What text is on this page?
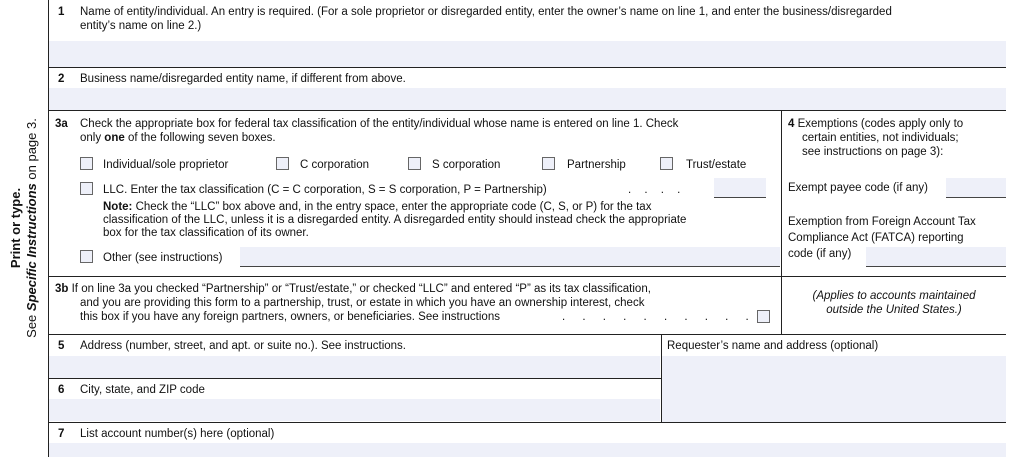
Print or type.
See Specific Instructions on page 3.
1 Name of entity/individual. An entry is required. (For a sole proprietor or disregarded entity, enter the owner’s name on line 1, and enter the business/disregarded
entity’s name on line 2.)
2 Business name/disregarded entity name, if different from above.
3a Check the appropriate box for federal tax classification of the entity/individual whose name is entered on line 1. Check
only one of the following seven boxes.
Individual/sole proprietor	C corporation	S corporation	Partnership	Trust/estate
LLC. Enter the tax classification (C = C corporation, S = S corporation, P = Partnership)	. . . .
Note: Check the “LLC” box above and, in the entry space, enter the appropriate code (C, S, or P) for the tax
classification of the LLC, unless it is a disregarded entity. A disregarded entity should instead check the appropriate
box for the tax classification of its owner.
Other (see instructions)
4 Exemptions (codes apply only to
certain entities, not individuals;
see instructions on page 3):
Exempt payee code (if any)
Exemption from Foreign Account Tax
Compliance Act (FATCA) reporting
code (if any)
3b If on line 3a you checked “Partnership” or “Trust/estate,” or checked “LLC” and entered “P” as its tax classification,
and you are providing this form to a partnership, trust, or estate in which you have an ownership interest, check
this box if you have any foreign partners, owners, or beneficiaries. See instructions	. . . . . . . . . .
(Applies to accounts maintained
outside the United States.)
5 Address (number, street, and apt. or suite no.). See instructions.	Requester’s name and address (optional)
6 City, state, and ZIP code
7 List account number(s) here (optional)
